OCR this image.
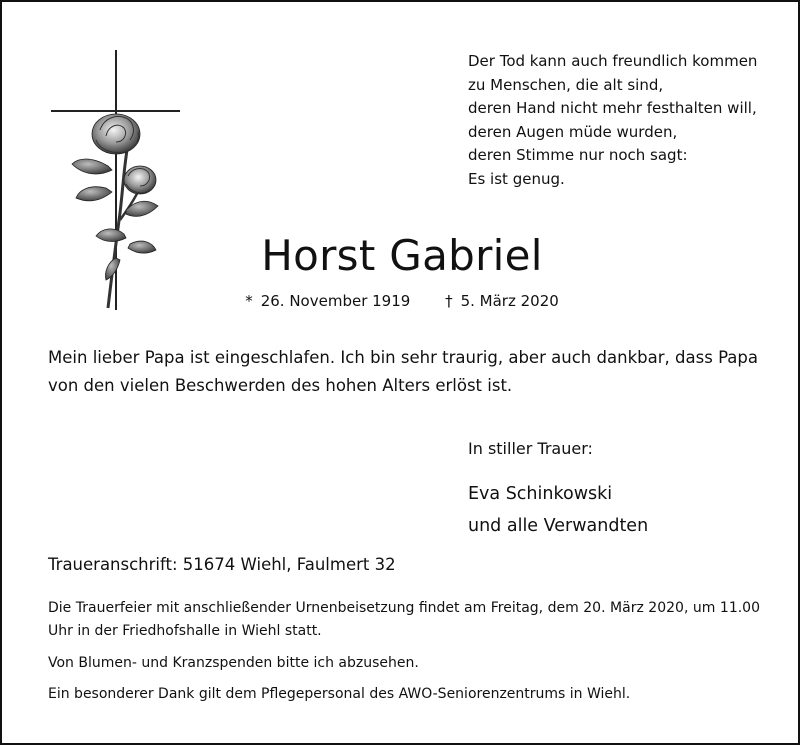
Der Tod kann auch freundlich kommen
zu Menschen, die alt sind,
deren Hand nicht mehr festhalten will,
deren Augen müde wurden,
deren Stimme nur noch sagt:
Es ist genug.
Horst Gabriel
* 26. November 1919 † 5. März 2020
Mein lieber Papa ist eingeschlafen. Ich bin sehr traurig, aber auch dankbar, dass Papa von den vielen Beschwerden des hohen Alters erlöst ist.
In stiller Trauer:
Eva Schinkowski
und alle Verwandten
Traueranschrift: 51674 Wiehl, Faulmert 32
Die Trauerfeier mit anschließender Urnenbeisetzung findet am Freitag, dem 20. März 2020, um 11.00 Uhr in der Friedhofshalle in Wiehl statt.
Von Blumen- und Kranzspenden bitte ich abzusehen.
Ein besonderer Dank gilt dem Pflegepersonal des AWO-Seniorenzentrums in Wiehl.
